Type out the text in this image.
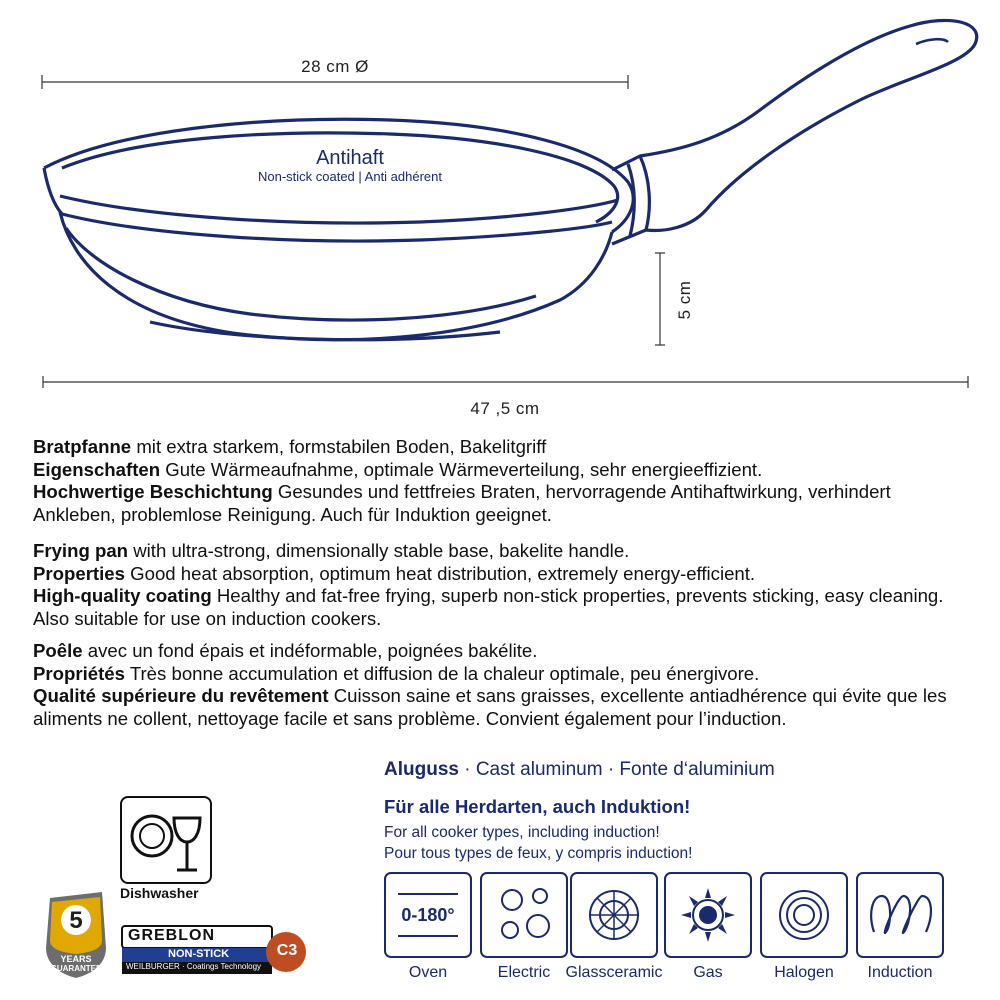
28 cm Ø
47 ,5 cm
5 cm
Antihaft
Non-stick coated | Anti adhérent

Bratpfanne mit extra starkem, formstabilen Boden, Bakelitgriff

Eigenschaften Gute Wärmeaufnahme, optimale Wärmeverteilung, sehr energieeffizient.

Hochwertige Beschichtung Gesundes und fettfreies Braten, hervorragende Antihaftwirkung, verhindert Ankleben, problemlose Reinigung. Auch für Induktion geeignet.

Frying pan with ultra-strong, dimensionally stable base, bakelite handle.

Properties Good heat absorption, optimum heat distribution, extremely energy-efficient.

High-quality coating Healthy and fat-free frying, superb non-stick properties, prevents sticking, easy cleaning. Also suitable for use on induction cookers.

Poêle avec un fond épais et indéformable, poignées bakélite.

Propriétés Très bonne accumulation et diffusion de la chaleur optimale, peu énergivore.

Qualité supérieure du revêtement Cuisson saine et sans graisses, excellente antiadhérence qui évite que les aliments ne collent, nettoyage facile et sans problème. Convient également pour l’induction.

Aluguss · Cast aluminum · Fonte d‘aluminium
Für alle Herdarten, auch Induktion!
For all cooker types, including induction!
Pour tous types de feux, y compris induction!
0-180°
Oven	Electric Glassceramic	Gas	Halogen	Induction
Dishwasher
5
YEARS
GUARANTEE
GREBLON
NON-STICK
WEILBURGER · Coatings Technology
C3
